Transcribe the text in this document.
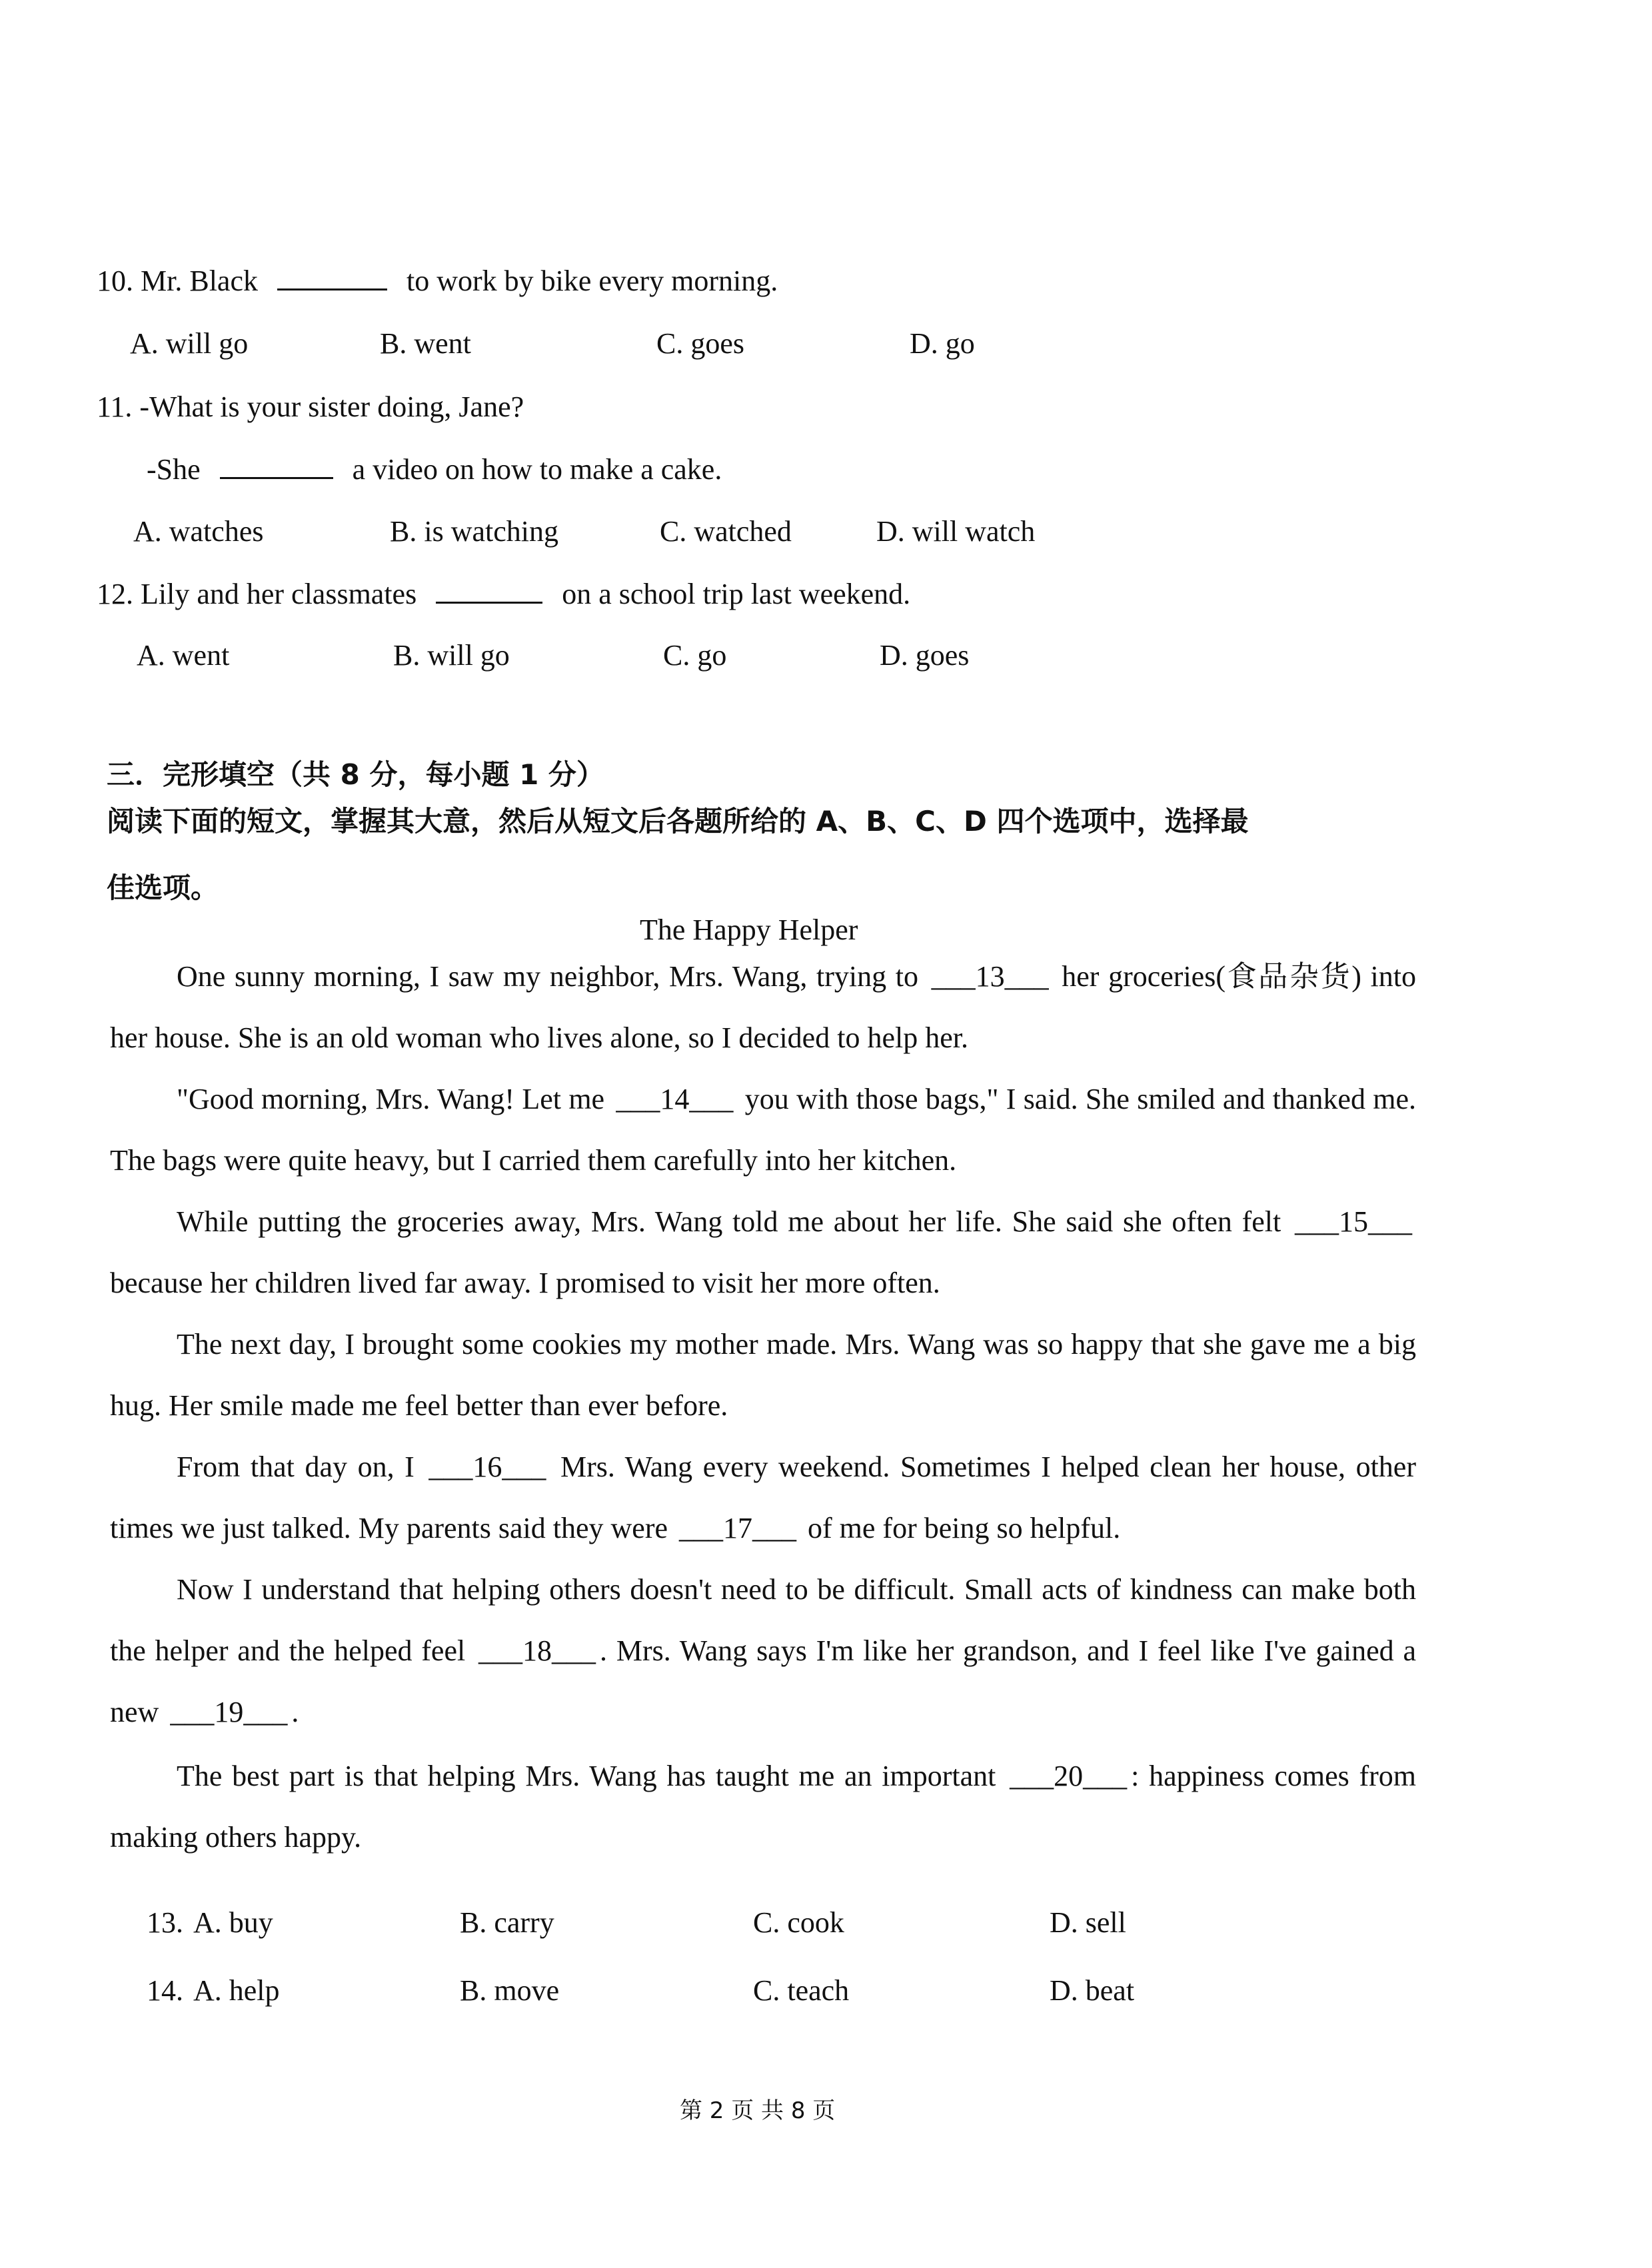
10. Mr. Black	to work by bike every morning.
A. will go	B. went	C. goes	D. go
11. -What is your sister doing, Jane?
-She	a video on how to make a cake.
A. watches	B. is watching	C. watched	D. will watch
12. Lily and her classmates	on a school trip last weekend.
A. went	B. will go	C. go	D. goes
三．完形填空（共 8 分，每小题 1 分）
阅读下面的短文，掌握其大意，然后从短文后各题所给的 A、B、C、D 四个选项中，选择最
佳选项。
The Happy Helper
One sunny morning, I saw my neighbor, Mrs. Wang, trying to ___13___ her groceries(食品杂货) into her house. She is an old woman who lives alone, so I decided to help her.
"Good morning, Mrs. Wang! Let me ___14___ you with those bags," I said. She smiled and thanked me. The bags were quite heavy, but I carried them carefully into her kitchen.
While putting the groceries away, Mrs. Wang told me about her life. She said she often felt ___15___ because her children lived far away. I promised to visit her more often.
The next day, I brought some cookies my mother made. Mrs. Wang was so happy that she gave me a big hug. Her smile made me feel better than ever before.
From that day on, I ___16___ Mrs. Wang every weekend. Sometimes I helped clean her house, other times we just talked. My parents said they were ___17___ of me for being so helpful.
Now I understand that helping others doesn't need to be difficult. Small acts of kindness can make both the helper and the helped feel ___18___ . Mrs. Wang says I'm like her grandson, and I feel like I've gained a new ___19___ .
The best part is that helping Mrs. Wang has taught me an important ___20___ : happiness comes from making others happy.
13. A. buy	B. carry	C. cook	D. sell
14. A. help	B. move	C. teach	D. beat
第 2 页 共 8 页
